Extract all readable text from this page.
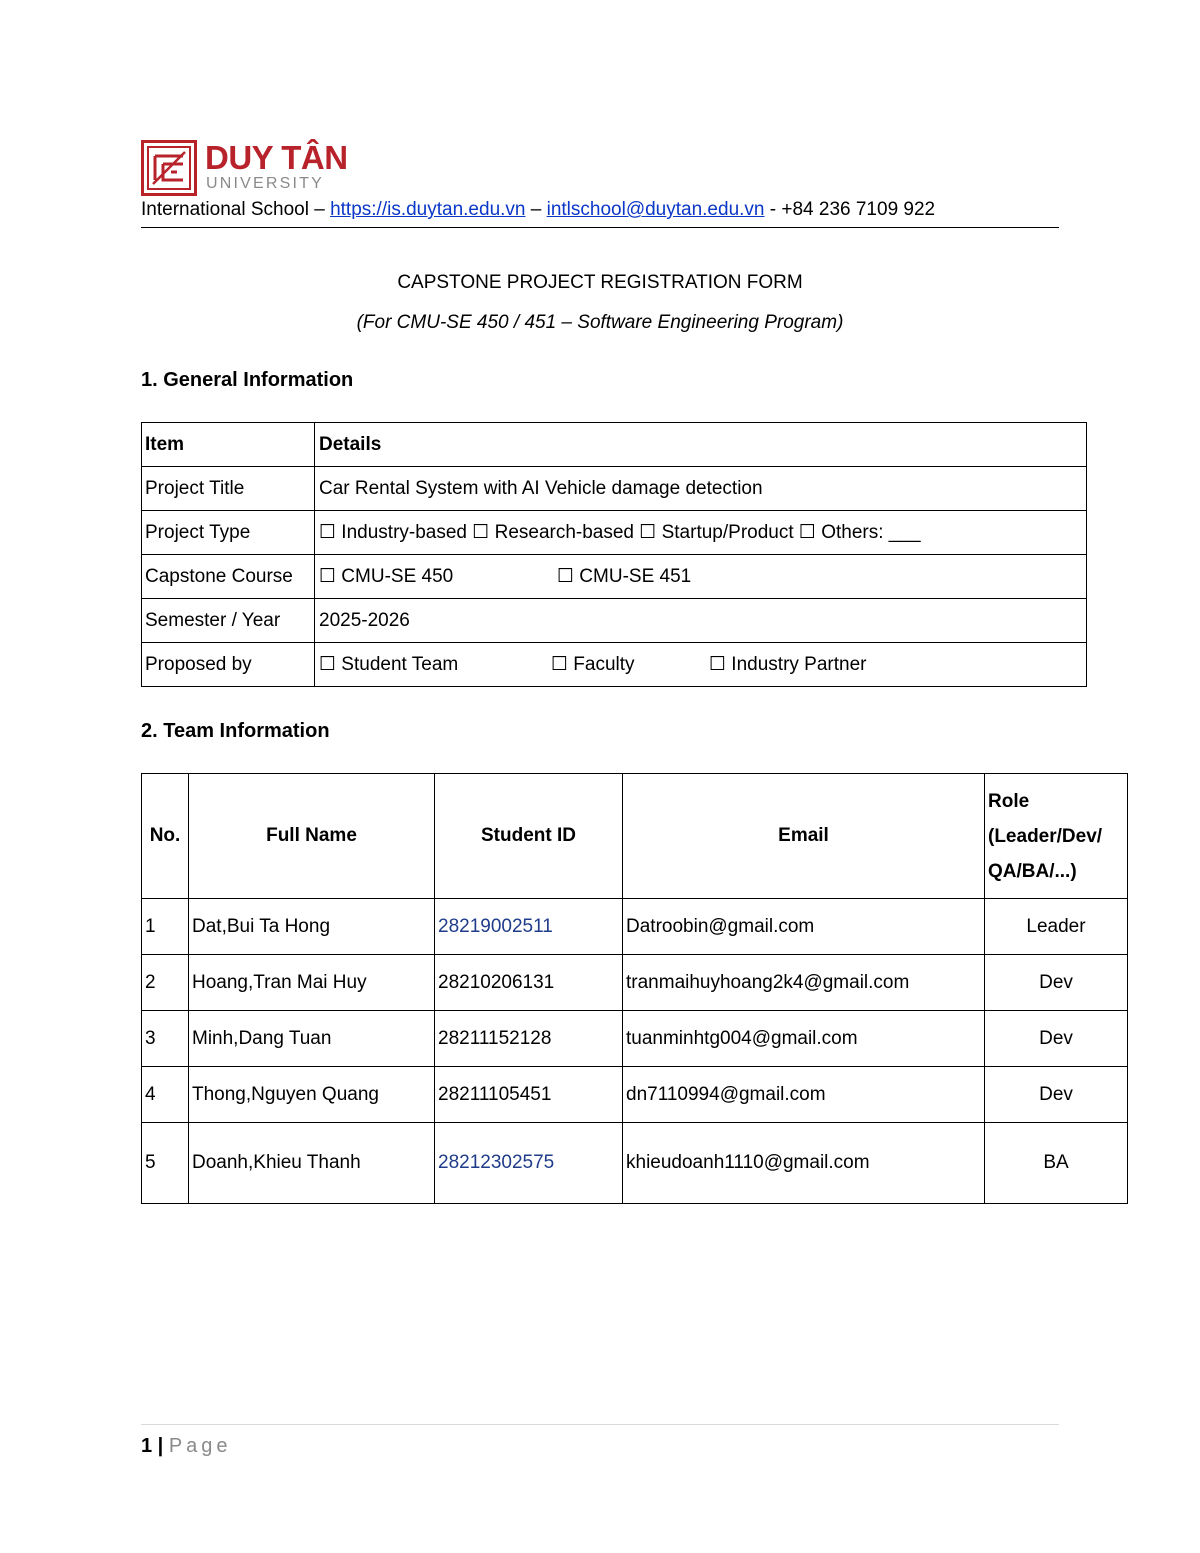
DUY TÂN
UNIVERSITY
International School – https://is.duytan.edu.vn – intlschool@duytan.edu.vn - +84 236 7109 922
CAPSTONE PROJECT REGISTRATION FORM
(For CMU-SE 450 / 451 – Software Engineering Program)
1. General Information
Item	Details
Project Title	Car Rental System with AI Vehicle damage detection
Project Type	☐ Industry-based ☐ Research-based ☐ Startup/Product ☐ Others: ___
Capstone Course	☐ CMU-SE 450 ☐ CMU-SE 451
Semester / Year	2025-2026
Proposed by	☐ Student Team ☐ Faculty ☐ Industry Partner
2. Team Information
No.	Full Name	Student ID	Email	Role (Leader/Dev/ QA/BA/...)
1	Dat,Bui Ta Hong	28219002511	Datroobin@gmail.com	Leader
2	Hoang,Tran Mai Huy	28210206131	tranmaihuyhoang2k4@gmail.com	Dev
3	Minh,Dang Tuan	28211152128	tuanminhtg004@gmail.com	Dev
4	Thong,Nguyen Quang	28211105451	dn7110994@gmail.com	Dev
5	Doanh,Khieu Thanh	28212302575	khieudoanh1110@gmail.com	BA
1 | Page
